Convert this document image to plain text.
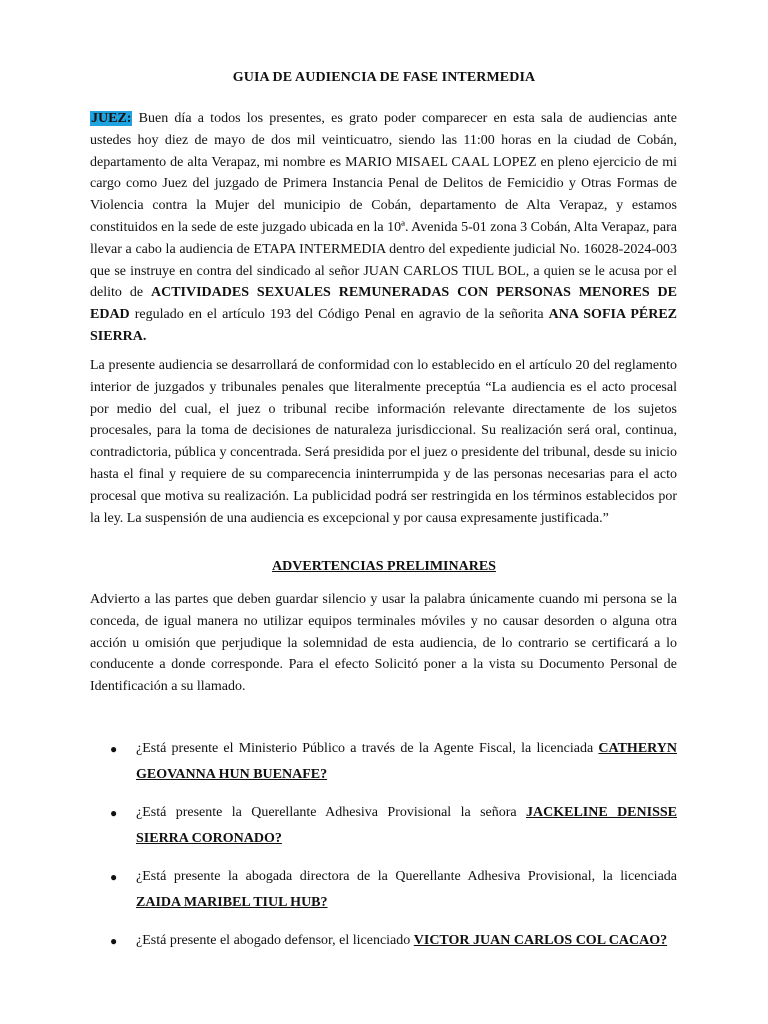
GUIA DE AUDIENCIA DE FASE INTERMEDIA
JUEZ: Buen día a todos los presentes, es grato poder comparecer en esta sala de audiencias ante ustedes hoy diez de mayo de dos mil veinticuatro, siendo las 11:00 horas en la ciudad de Cobán, departamento de alta Verapaz, mi nombre es MARIO MISAEL CAAL LOPEZ en pleno ejercicio de mi cargo como Juez del juzgado de Primera Instancia Penal de Delitos de Femicidio y Otras Formas de Violencia contra la Mujer del municipio de Cobán, departamento de Alta Verapaz, y estamos constituidos en la sede de este juzgado ubicada en la 10ª. Avenida 5-01 zona 3 Cobán, Alta Verapaz, para llevar a cabo la audiencia de ETAPA INTERMEDIA dentro del expediente judicial No. 16028-2024-003 que se instruye en contra del sindicado al señor JUAN CARLOS TIUL BOL, a quien se le acusa por el delito de ACTIVIDADES SEXUALES REMUNERADAS CON PERSONAS MENORES DE EDAD regulado en el artículo 193 del Código Penal en agravio de la señorita ANA SOFIA PÉREZ SIERRA.
La presente audiencia se desarrollará de conformidad con lo establecido en el artículo 20 del reglamento interior de juzgados y tribunales penales que literalmente preceptúa “La audiencia es el acto procesal por medio del cual, el juez o tribunal recibe información relevante directamente de los sujetos procesales, para la toma de decisiones de naturaleza jurisdiccional. Su realización será oral, continua, contradictoria, pública y concentrada. Será presidida por el juez o presidente del tribunal, desde su inicio hasta el final y requiere de su comparecencia ininterrumpida y de las personas necesarias para el acto procesal que motiva su realización. La publicidad podrá ser restringida en los términos establecidos por la ley. La suspensión de una audiencia es excepcional y por causa expresamente justificada.”
ADVERTENCIAS PRELIMINARES
Advierto a las partes que deben guardar silencio y usar la palabra únicamente cuando mi persona se la conceda, de igual manera no utilizar equipos terminales móviles y no causar desorden o alguna otra acción u omisión que perjudique la solemnidad de esta audiencia, de lo contrario se certificará a lo conducente a donde corresponde. Para el efecto Solicitó poner a la vista su Documento Personal de Identificación a su llamado.
● ¿Está presente el Ministerio Público a través de la Agente Fiscal, la licenciada CATHERYN GEOVANNA HUN BUENAFE?
● ¿Está presente la Querellante Adhesiva Provisional la señora JACKELINE DENISSE SIERRA CORONADO?
● ¿Está presente la abogada directora de la Querellante Adhesiva Provisional, la licenciada ZAIDA MARIBEL TIUL HUB?
● ¿Está presente el abogado defensor, el licenciado VICTOR JUAN CARLOS COL CACAO?
